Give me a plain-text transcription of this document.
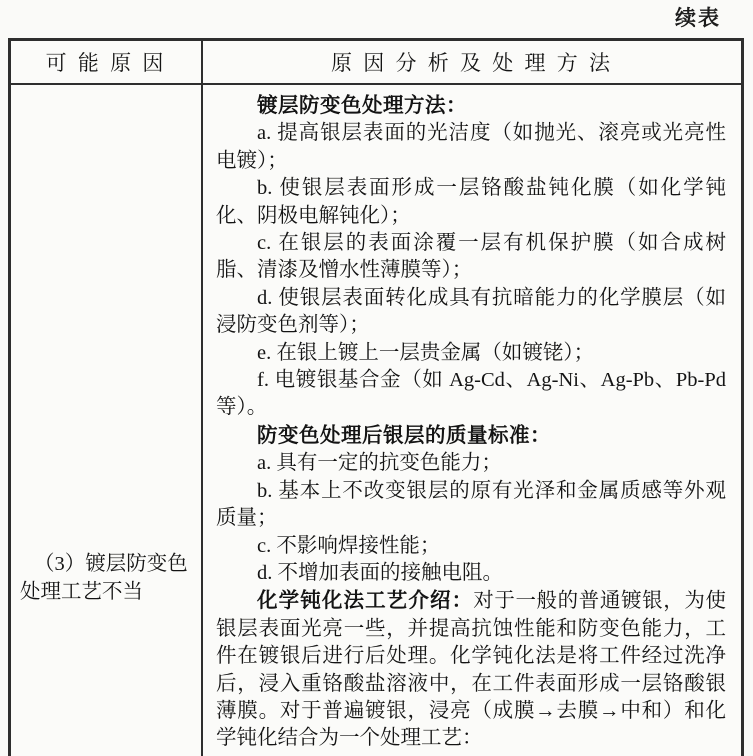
续表
可 能 原 因	原 因 分 析 及 处 理 方 法
（3）镀层防变色
处理工艺不当

镀层防变色处理方法：

a. 提高银层表面的光洁度（如抛光、滚亮或光亮性电镀）；

b. 使银层表面形成一层铬酸盐钝化膜（如化学钝化、阴极电解钝化）；

c. 在银层的表面涂覆一层有机保护膜（如合成树脂、清漆及憎水性薄膜等）；

d. 使银层表面转化成具有抗暗能力的化学膜层（如浸防变色剂等）；

e. 在银上镀上一层贵金属（如镀铑）；

f. 电镀银基合金（如 Ag-Cd、Ag-Ni、Ag-Pb、Pb-Pd 等）。

防变色处理后银层的质量标准：

a. 具有一定的抗变色能力；

b. 基本上不改变银层的原有光泽和金属质感等外观质量；

c. 不影响焊接性能；

d. 不增加表面的接触电阻。

化学钝化法工艺介绍：对于一般的普通镀银，为使银层表面光亮一些，并提高抗蚀性能和防变色能力，工件在镀银后进行后处理。化学钝化法是将工件经过洗净后，浸入重铬酸盐溶液中，在工件表面形成一层铬酸银薄膜。对于普遍镀银，浸亮（成膜→去膜→中和）和化学钝化结合为一个处理工艺：
